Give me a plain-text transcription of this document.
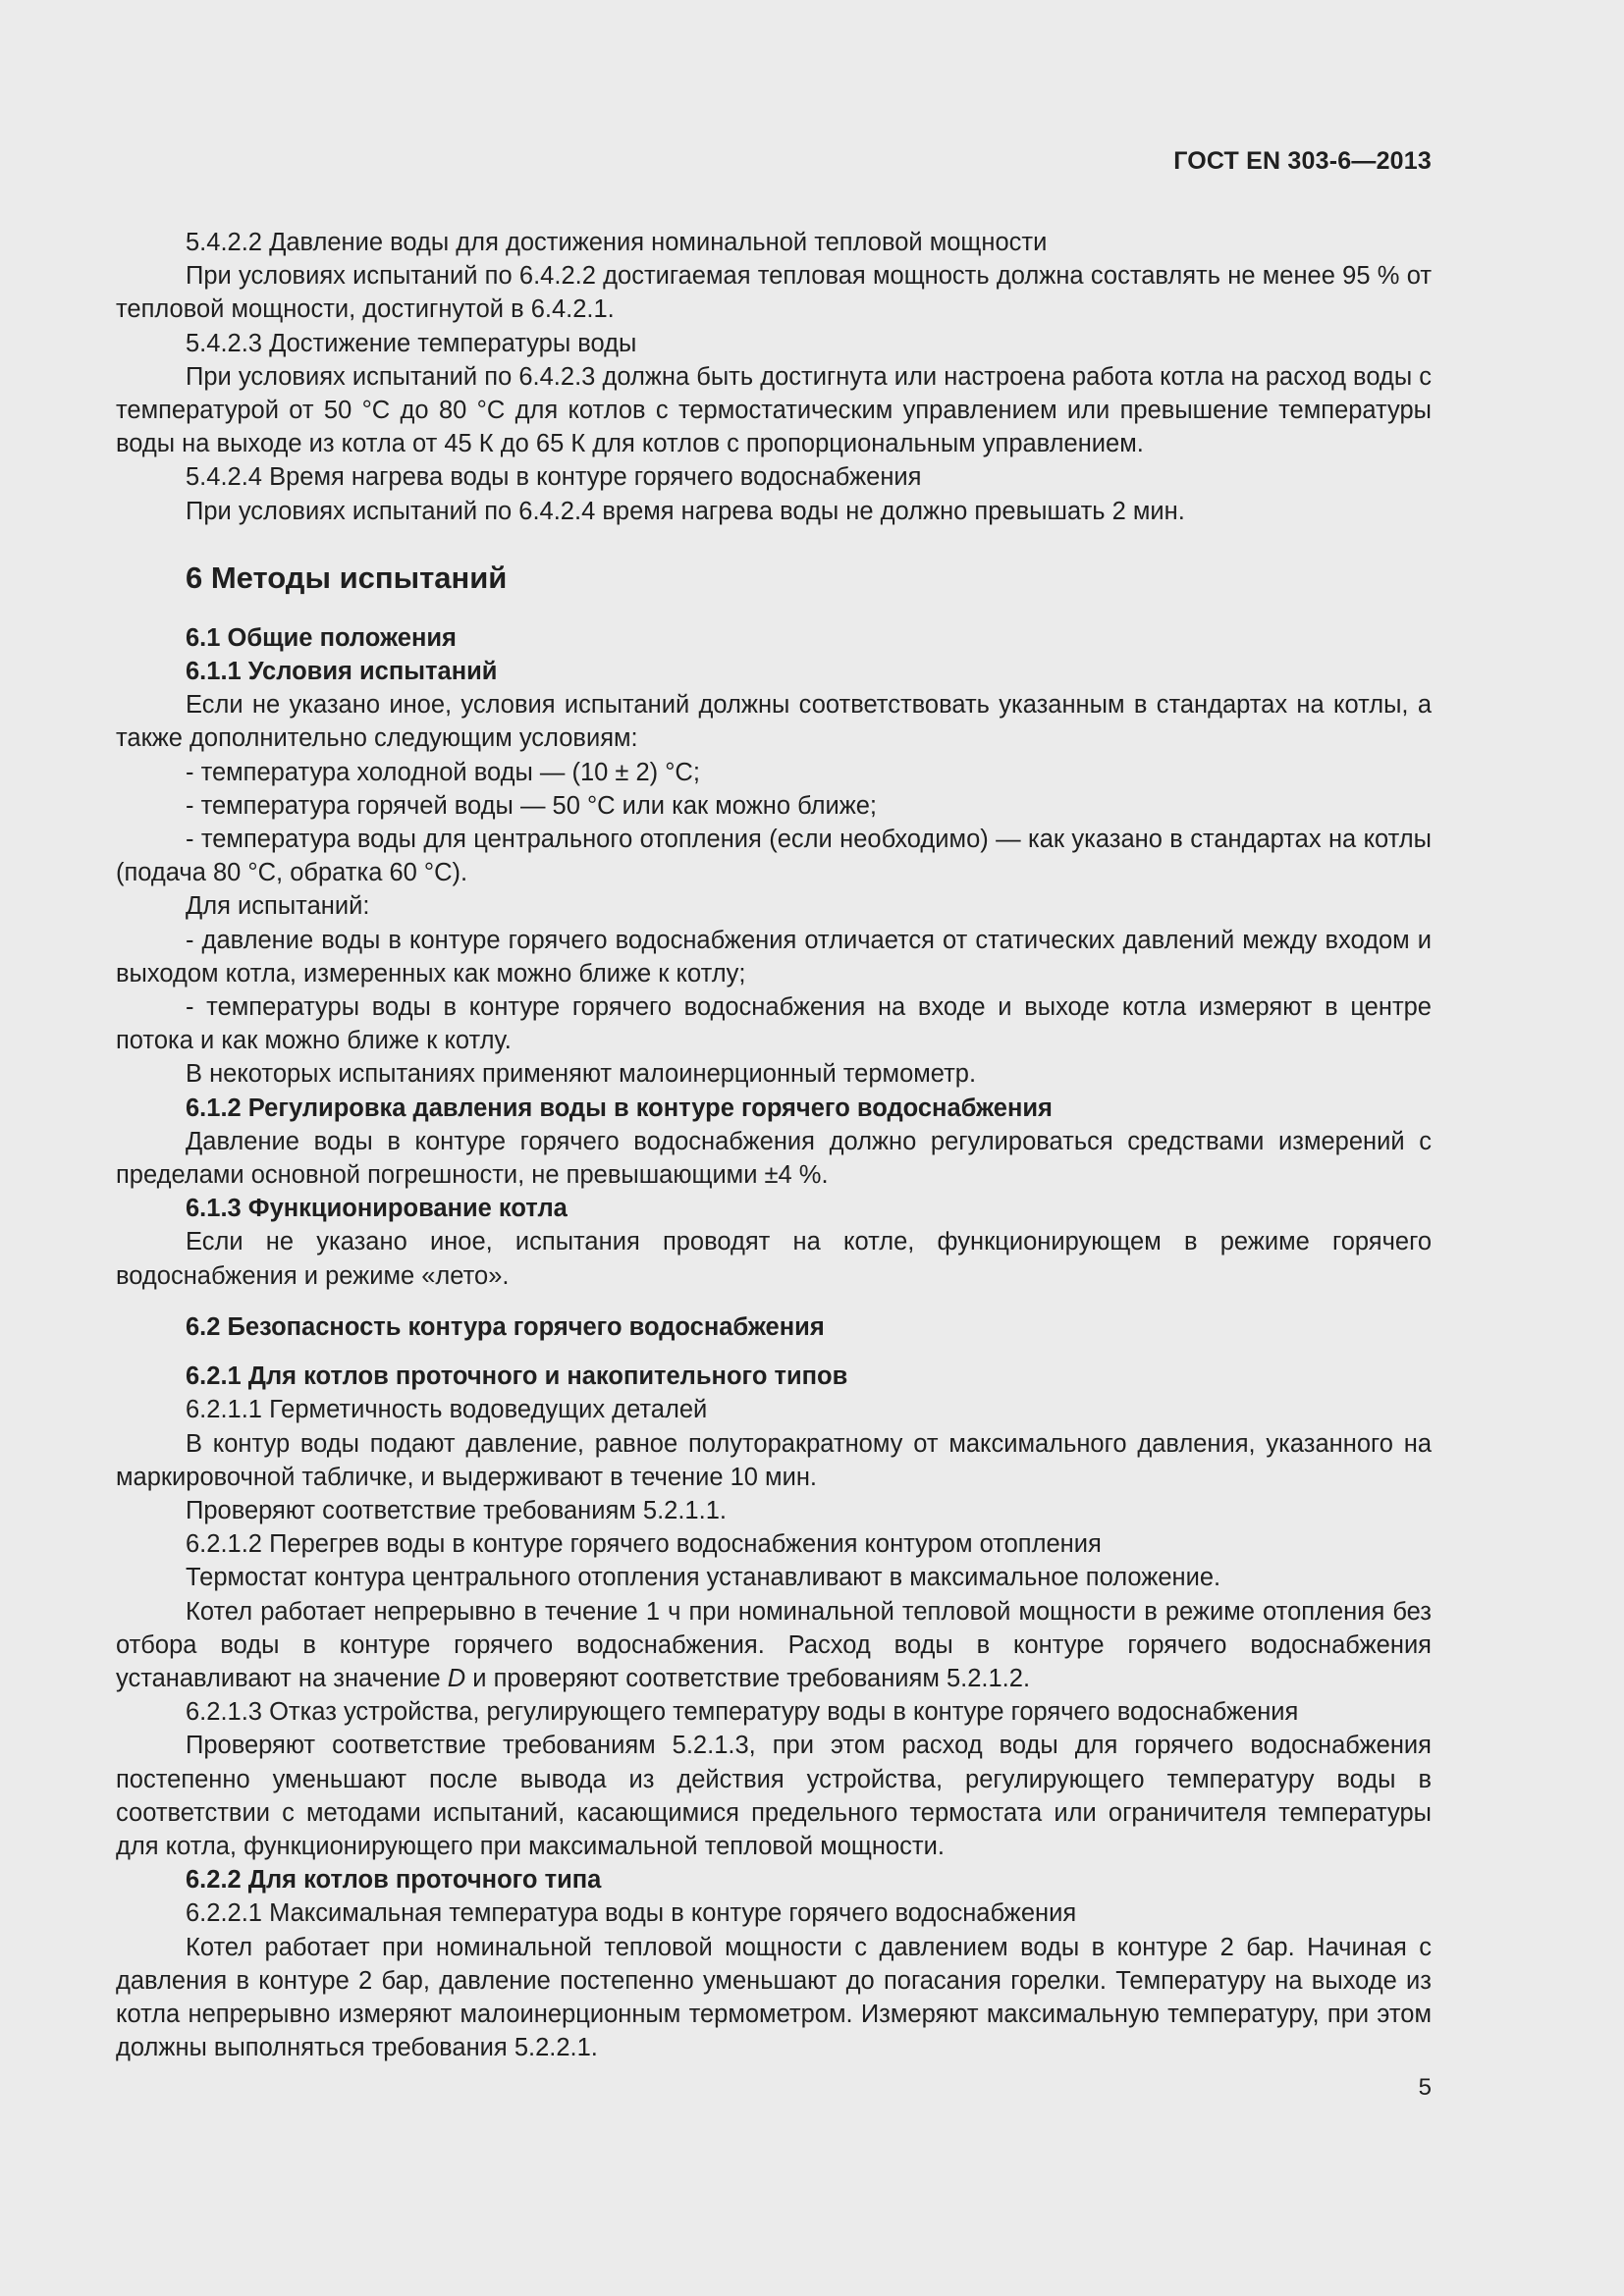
ГОСТ EN 303-6—2013

5.4.2.2 Давление воды для достижения номинальной тепловой мощности

При условиях испытаний по 6.4.2.2 достигаемая тепловая мощность должна составлять не менее 95 % от тепловой мощности, достигнутой в 6.4.2.1.

5.4.2.3 Достижение температуры воды

При условиях испытаний по 6.4.2.3 должна быть достигнута или настроена работа котла на расход воды с температурой от 50 °С до 80 °С для котлов с термостатическим управлением или превышение температуры воды на выходе из котла от 45 К до 65 К для котлов с пропорциональным управлением.

5.4.2.4 Время нагрева воды в контуре горячего водоснабжения

При условиях испытаний по 6.4.2.4 время нагрева воды не должно превышать 2 мин.

6 Методы испытаний

6.1 Общие положения

6.1.1 Условия испытаний

Если не указано иное, условия испытаний должны соответствовать указанным в стандартах на котлы, а также дополнительно следующим условиям:

- температура холодной воды — (10 ± 2) °С;

- температура горячей воды — 50 °С или как можно ближе;

- температура воды для центрального отопления (если необходимо) — как указано в стандартах на котлы (подача 80 °С, обратка 60 °С).

Для испытаний:

- давление воды в контуре горячего водоснабжения отличается от статических давлений между входом и выходом котла, измеренных как можно ближе к котлу;

- температуры воды в контуре горячего водоснабжения на входе и выходе котла измеряют в центре потока и как можно ближе к котлу.

В некоторых испытаниях применяют малоинерционный термометр.

6.1.2 Регулировка давления воды в контуре горячего водоснабжения

Давление воды в контуре горячего водоснабжения должно регулироваться средствами измерений с пределами основной погрешности, не превышающими ±4 %.

6.1.3 Функционирование котла

Если не указано иное, испытания проводят на котле, функционирующем в режиме горячего водоснабжения и режиме «лето».

6.2 Безопасность контура горячего водоснабжения

6.2.1 Для котлов проточного и накопительного типов

6.2.1.1 Герметичность водоведущих деталей

В контур воды подают давление, равное полуторакратному от максимального давления, указанного на маркировочной табличке, и выдерживают в течение 10 мин.

Проверяют соответствие требованиям 5.2.1.1.

6.2.1.2 Перегрев воды в контуре горячего водоснабжения контуром отопления

Термостат контура центрального отопления устанавливают в максимальное положение.

Котел работает непрерывно в течение 1 ч при номинальной тепловой мощности в режиме отопления без отбора воды в контуре горячего водоснабжения. Расход воды в контуре горячего водоснабжения устанавливают на значение D и проверяют соответствие требованиям 5.2.1.2.

6.2.1.3 Отказ устройства, регулирующего температуру воды в контуре горячего водоснабжения

Проверяют соответствие требованиям 5.2.1.3, при этом расход воды для горячего водоснабжения постепенно уменьшают после вывода из действия устройства, регулирующего температуру воды в соответствии с методами испытаний, касающимися предельного термостата или ограничителя температуры для котла, функционирующего при максимальной тепловой мощности.

6.2.2 Для котлов проточного типа

6.2.2.1 Максимальная температура воды в контуре горячего водоснабжения

Котел работает при номинальной тепловой мощности с давлением воды в контуре 2 бар. Начиная с давления в контуре 2 бар, давление постепенно уменьшают до погасания горелки. Температуру на выходе из котла непрерывно измеряют малоинерционным термометром. Измеряют максимальную температуру, при этом должны выполняться требования 5.2.2.1.

5
